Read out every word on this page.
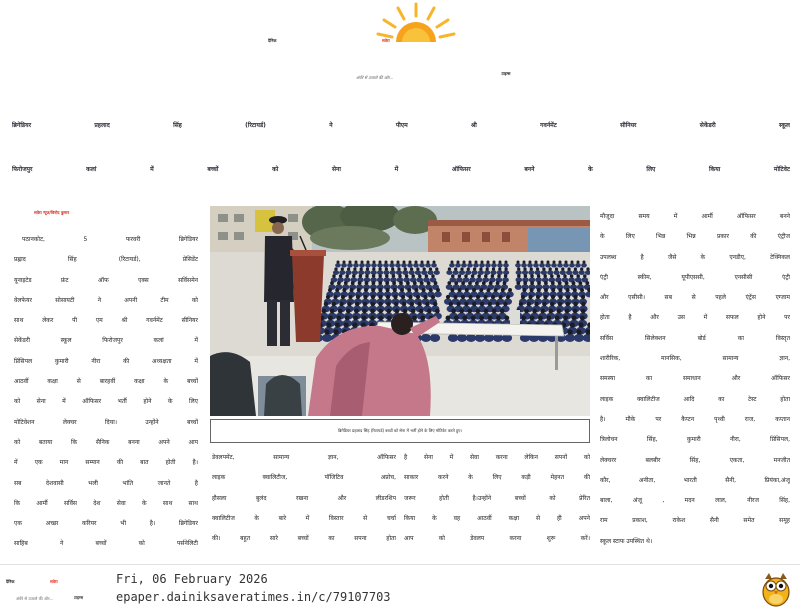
दैनिक	सवेरा
अंधेरे से उजाले की ओर...
टाइम्स
ब्रिगेडियर प्रहलाद सिंह (रिटायर्ड) ने पीएम श्री गवर्नमेंट सीनियर सेकेंडरी स्कूल
फिरोजपुर कलां में बच्चों को सेना में ऑफिसर बनने के लिए किया मोटिवेट
सवेरा न्यूज/विनोद कुमार
पठानकोट, 5 फरवरी ब्रिगेडियर
प्रह्लाद सिंह (रिटायर्ड), प्रेसिडेंट
यूनाइटेड फ्रंट ऑफ एक्स सर्विसमेन
वेलफेयर सोसायटी ने अपनी टीम को
साथ लेकर पी एम श्री गवर्नमेंट सीनियर
सेकेंडरी स्कूल फिरोजपुर कलां में
प्रिंसिपल कुमारी नीरा की अध्यक्षता में
आठवीं कक्षा से बारहवीं कक्षा के बच्चों
को सेना में ऑफिसर भर्ती होने के लिए
मोटिवेशन लेक्चर दिया। उन्होंने बच्चों
को बताया कि सैनिक बनना अपने आप
में एक मान सम्मान की बात होती है।
सब देशवासी भली भांति जानते है
कि आर्मी सर्विस देश सेवा के साथ साथ
एक अच्छा करियर भी है। ब्रिगेडियर
साहिब ने बच्चों को पर्सनेलिटी
डेवलपमेंट, सामान्य ज्ञान, ऑफिसर
लाइक क्वालिटीज, पॉजिटिव अप्रोच,
हौसला बुलंद रखना और लीडरशिप
क्वालिटीज के बारे में विस्तार से चर्चा
की। बहुत सारे बच्चों का सपना होता
है सेना में सेवा करना लेकिन सपनों को
साकार करने के लिए कड़ी मेहनत की
जरूर होती है।उन्होंने बच्चों को प्रेरित
किया के वह आठवीं कक्षा से ही अपने
आप को डेवलप करना शुरू करें।
मौजूदा समय में आर्मी ऑफिसर बनने
के लिए भिन्न भिन्न प्रकार की एंट्रीज
उपलब्ध है जैसे के एनडीए, टेक्निकल
एंट्री स्कीम, यूपीएससी, एनसीसी एंट्री
और एसीसी। सब से पहले एंट्रेंस एग्जाम
होता है और उस में सफल होने पर
सर्विस सिलेक्शन बोर्ड का विस्तृत
शारीरिक, मानसिक, सामान्य ज्ञान,
समस्या का समाधान और ऑफिसर
लाइक क्वालिटीज आदि का टेस्ट होता
है। मौके पर कैप्टन पृथ्वी राज, कप्तान
त्रिलोचन सिंह, कुमारी नीरा, प्रिंसिपल,
लेक्चरर बलबीर सिंह, एकता, मनजीत
कौर, अनीता, भारती सैनी, प्रियंका,अंजू
बाला, अंजू , मदन लाल, नीरज सिंह,
राम प्रकाश, राकेश सैनी समेत समूह
स्कूल स्टाफ उपस्थित थे।
ब्रिगेडियर प्रहलाद सिंह (रिटायर्ड) बच्चों को सेना में भर्ती होने के लिए मोटिवेट करते हुए।
दैनिक	सवेरा
अंधेरे से उजाले की ओर...	टाइम्स
Fri, 06 February 2026
epaper.dainiksaveratimes.in/c/79107703
